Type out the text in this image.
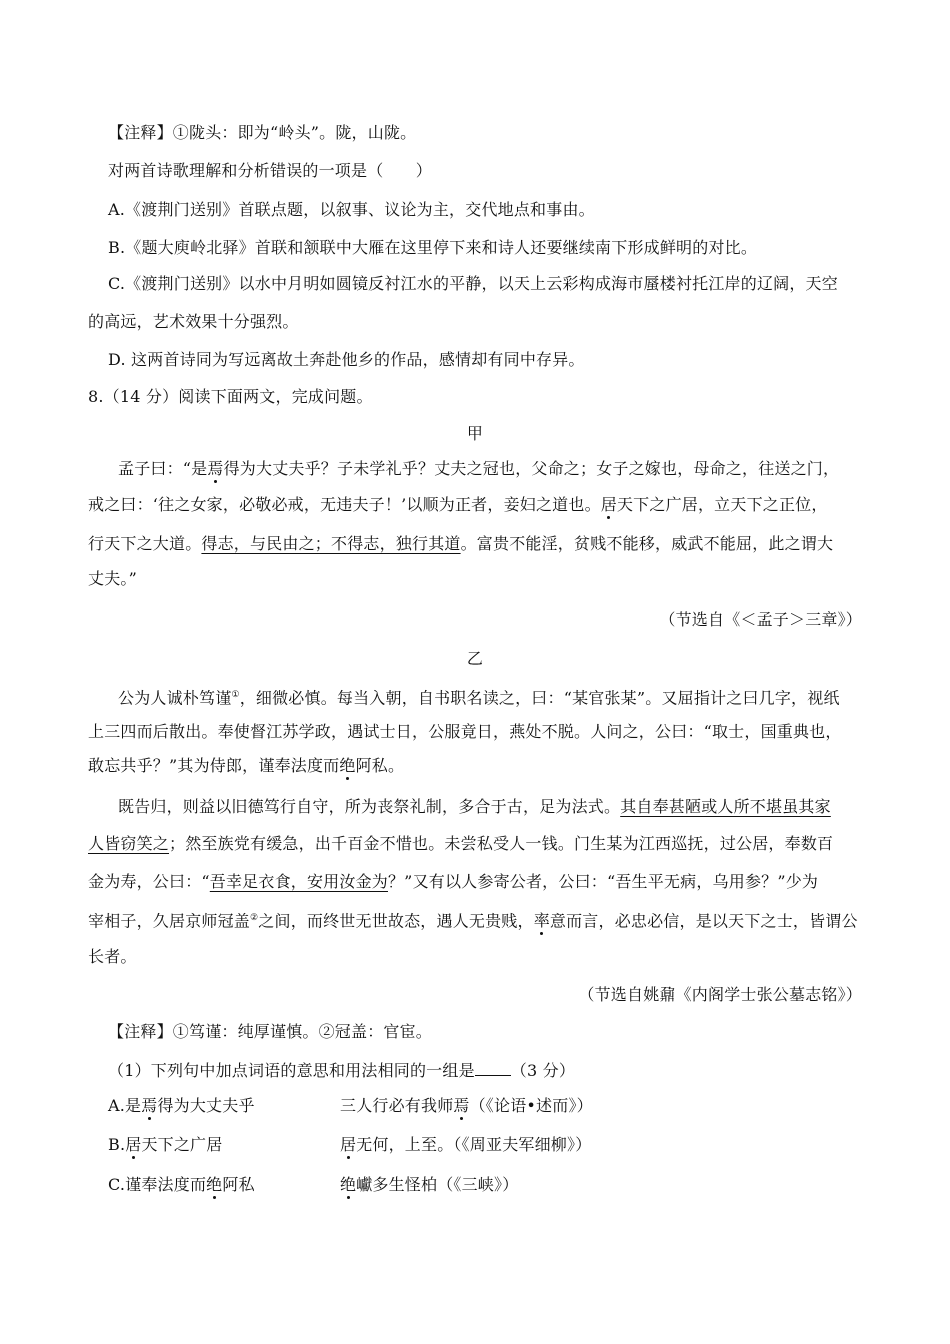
【注释】①陇头：即为“岭头”。陇，山陇。
对两首诗歌理解和分析错误的一项是（　　）
A.《渡荆门送别》首联点题，以叙事、议论为主，交代地点和事由。
B.《题大庾岭北驿》首联和颔联中大雁在这里停下来和诗人还要继续南下形成鲜明的对比。
C.《渡荆门送别》以水中月明如圆镜反衬江水的平静，以天上云彩构成海市蜃楼衬托江岸的辽阔，天空
的高远，艺术效果十分强烈。
D. 这两首诗同为写远离故土奔赴他乡的作品，感情却有同中存异。
8.（14 分）阅读下面两文，完成问题。
甲
孟子曰：“是焉得为大丈夫乎？子未学礼乎？丈夫之冠也，父命之；女子之嫁也，母命之，往送之门，
戒之曰：‘往之女家，必敬必戒，无违夫子！’以顺为正者，妾妇之道也。居天下之广居，立天下之正位，
行天下之大道。得志，与民由之；不得志，独行其道。富贵不能淫，贫贱不能移，威武不能屈，此之谓大
丈夫。”
（节选自《＜孟子＞三章》）
乙
公为人诚朴笃谨①，细微必慎。每当入朝，自书职名读之，曰：“某官张某”。又屈指计之曰几字，视纸
上三四而后散出。奉使督江苏学政，遇试士日，公服竟日，燕处不脱。人问之，公曰：“取士，国重典也，
敢忘共乎？”其为侍郎，谨奉法度而绝阿私。
既告归，则益以旧德笃行自守，所为丧祭礼制，多合于古，足为法式。其自奉甚陋或人所不堪虽其家
人皆窃笑之；然至族党有缓急，出千百金不惜也。未尝私受人一钱。门生某为江西巡抚，过公居，奉数百
金为寿，公曰：“吾幸足衣食，安用汝金为？”又有以人参寄公者，公曰：“吾生平无病，乌用参？”少为
宰相子，久居京师冠盖②之间，而终世无世故态，遇人无贵贱，率意而言，必忠必信，是以天下之士，皆谓公
长者。
（节选自姚鼐《内阁学士张公墓志铭》）
【注释】①笃谨：纯厚谨慎。②冠盖：官宦。
（1）下列句中加点词语的意思和用法相同的一组是 （3 分）
A.是焉得为大丈夫乎	三人行必有我师焉（《论语•述而》）
B.居天下之广居	居无何，上至。（《周亚夫军细柳》）
C.谨奉法度而绝阿私	绝巘多生怪柏（《三峡》）
